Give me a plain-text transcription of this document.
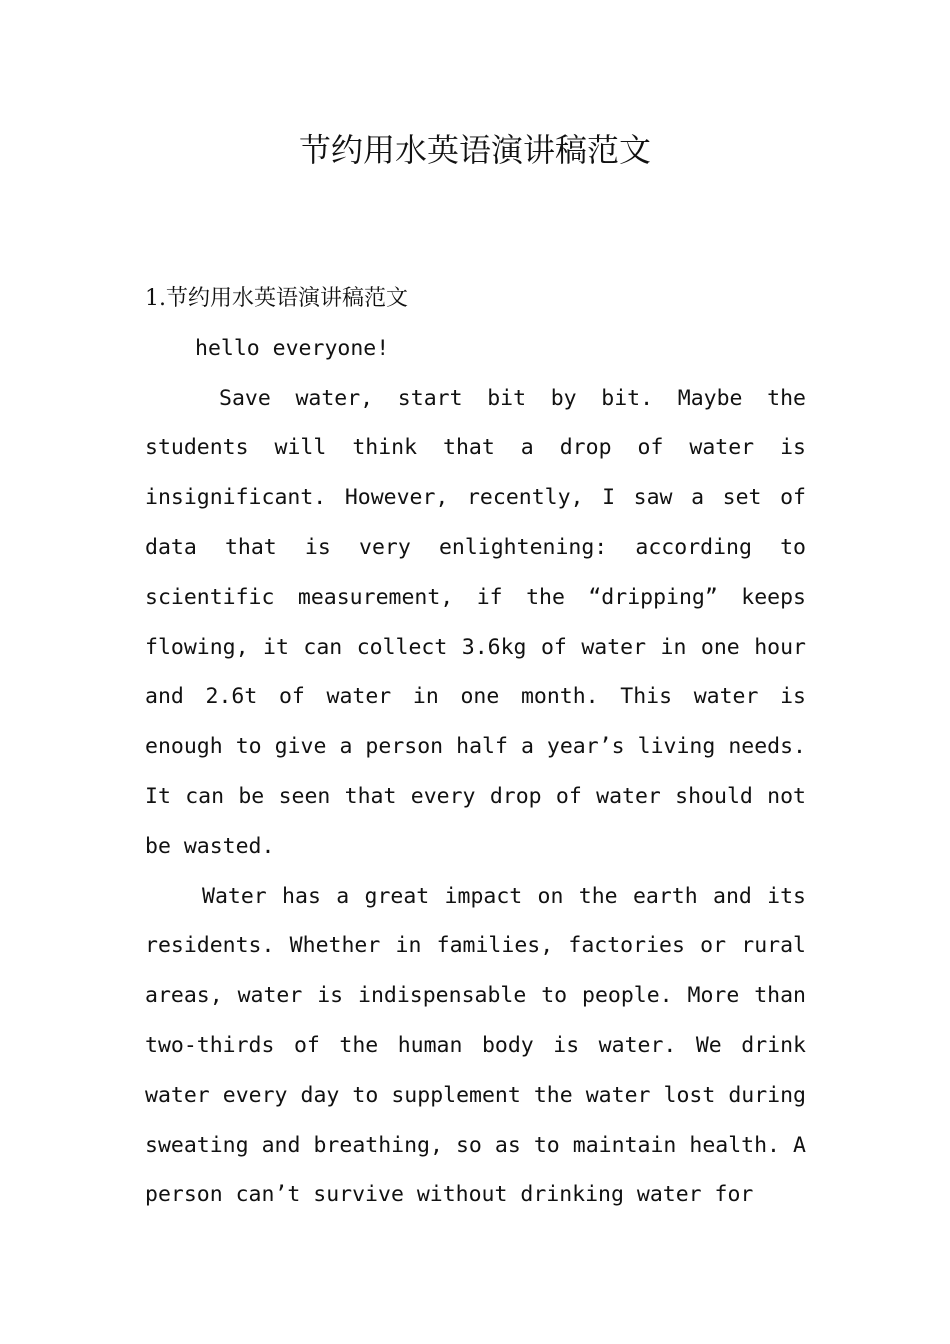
节约用水英语演讲稿范文

1.节约用水英语演讲稿范文

hello everyone!

Save water, start bit by bit. Maybe the students will think that a drop of water is insignificant. However, recently, I saw a set of data that is very enlightening: according to scientific measurement, if the “dripping” keeps flowing, it can collect 3.6kg of water in one hour and 2.6t of water in one month. This water is enough to give a person half a year’s living needs. It can be seen that every drop of water should not be wasted.

Water has a great impact on the earth and its residents. Whether in families, factories or rural areas, water is indispensable to people. More than two-thirds of the human body is water. We drink water every day to supplement the water lost during sweating and breathing, so as to maintain health. A person can’t survive without drinking water for
